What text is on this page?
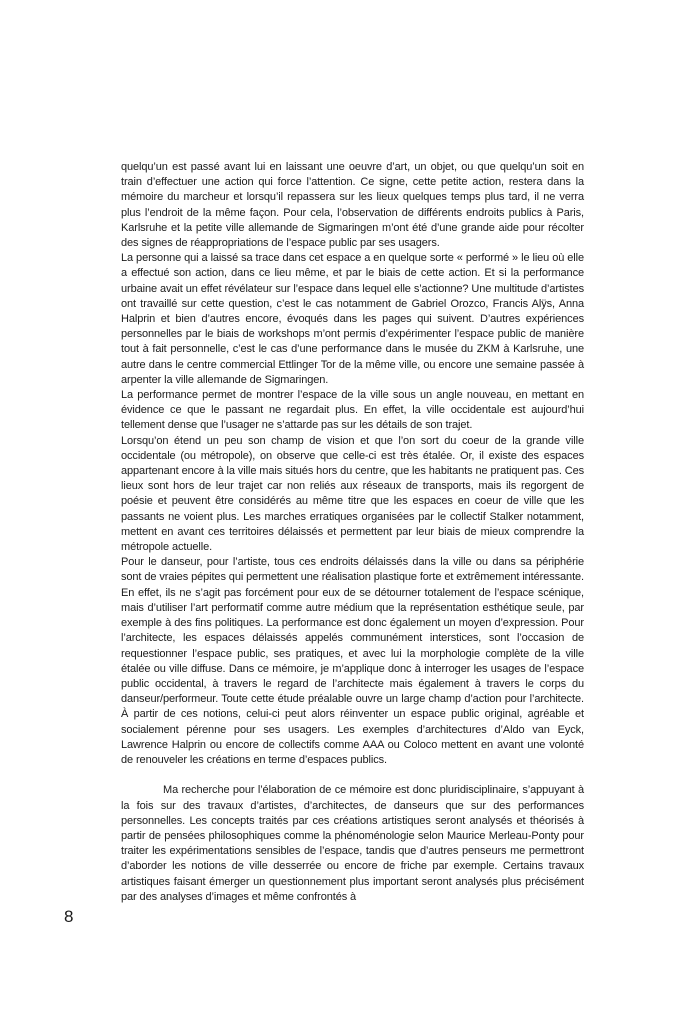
quelqu’un est passé avant lui en laissant une oeuvre d’art, un objet, ou que quelqu’un soit en train d’effectuer une action qui force l’attention. Ce signe, cette petite action, restera dans la mémoire du marcheur et lorsqu’il repassera sur les lieux quelques temps plus tard, il ne verra plus l’endroit de la même façon. Pour cela, l’observation de différents endroits publics à Paris, Karlsruhe et la petite ville allemande de Sigmaringen m’ont été d’une grande aide pour récolter des signes de réappropriations de l’espace public par ses usagers.

La personne qui a laissé sa trace dans cet espace a en quelque sorte « performé » le lieu où elle a effectué son action, dans ce lieu même, et par le biais de cette action. Et si la performance urbaine avait un effet révélateur sur l’espace dans lequel elle s’actionne? Une multitude d’artistes ont travaillé sur cette question, c’est le cas notamment de Gabriel Orozco, Francis Alÿs, Anna Halprin et bien d’autres encore, évoqués dans les pages qui suivent. D’autres expériences personnelles par le biais de workshops m’ont permis d’expérimenter l’espace public de manière tout à fait personnelle, c’est le cas d’une performance dans le musée du ZKM à Karlsruhe, une autre dans le centre commercial Ettlinger Tor de la même ville, ou encore une semaine passée à arpenter la ville allemande de Sigmaringen.

La performance permet de montrer l’espace de la ville sous un angle nouveau, en mettant en évidence ce que le passant ne regardait plus. En effet, la ville occidentale est aujourd’hui tellement dense que l’usager ne s’attarde pas sur les détails de son trajet.

Lorsqu’on étend un peu son champ de vision et que l’on sort du coeur de la grande ville occidentale (ou métropole), on observe que celle-ci est très étalée. Or, il existe des espaces appartenant encore à la ville mais situés hors du centre, que les habitants ne pratiquent pas. Ces lieux sont hors de leur trajet car non reliés aux réseaux de transports, mais ils regorgent de poésie et peuvent être considérés au même titre que les espaces en coeur de ville que les passants ne voient plus. Les marches erratiques organisées par le collectif Stalker notamment, mettent en avant ces territoires délaissés et permettent par leur biais de mieux comprendre la métropole actuelle.

Pour le danseur, pour l’artiste, tous ces endroits délaissés dans la ville ou dans sa périphérie sont de vraies pépites qui permettent une réalisation plastique forte et extrêmement intéressante. En effet, ils ne s’agit pas forcément pour eux de se détourner totalement de l’espace scénique, mais d’utiliser l’art performatif comme autre médium que la représentation esthétique seule, par exemple à des fins politiques. La performance est donc également un moyen d’expression. Pour l’architecte, les espaces délaissés appelés communément interstices, sont l’occasion de requestionner l’espace public, ses pratiques, et avec lui la morphologie complète de la ville étalée ou ville diffuse. Dans ce mémoire, je m’applique donc à interroger les usages de l’espace public occidental, à travers le regard de l’architecte mais également à travers le corps du danseur/performeur. Toute cette étude préalable ouvre un large champ d’action pour l’architecte. À partir de ces notions, celui-ci peut alors réinventer un espace public original, agréable et socialement pérenne pour ses usagers. Les exemples d’architectures d’Aldo van Eyck, Lawrence Halprin ou encore de collectifs comme AAA ou Coloco mettent en avant une volonté de renouveler les créations en terme d’espaces publics.

Ma recherche pour l’élaboration de ce mémoire est donc pluridisciplinaire, s’appuyant à la fois sur des travaux d’artistes, d’architectes, de danseurs que sur des performances personnelles. Les concepts traités par ces créations artistiques seront analysés et théorisés à partir de pensées philosophiques comme la phénoménologie selon Maurice Merleau-Ponty pour traiter les expérimentations sensibles de l’espace, tandis que d’autres penseurs me permettront d’aborder les notions de ville desserrée ou encore de friche par exemple. Certains travaux artistiques faisant émerger un questionnement plus important seront analysés plus précisément par des analyses d’images et même confrontés à

8
